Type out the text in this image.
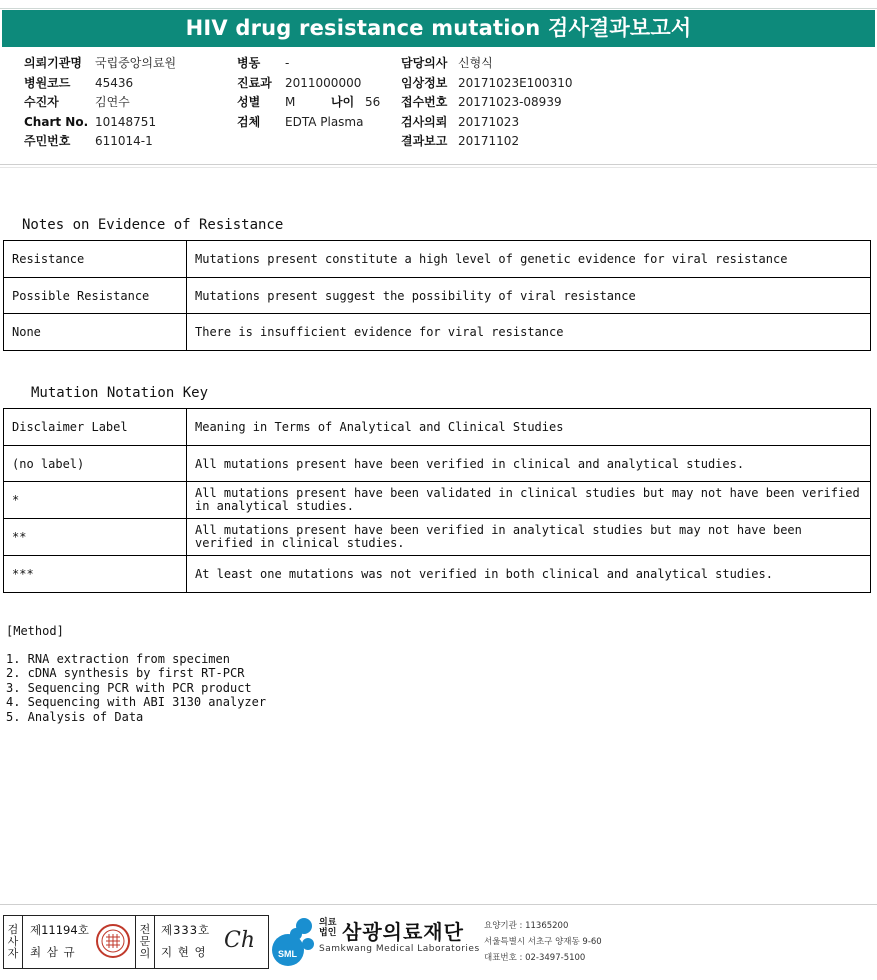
HIV drug resistance mutation 검사결과보고서
의뢰기관명 국립중앙의료원
병원코드 45436
수진자	김연수
Chart No. 10148751
주민번호 611014-1
병동 -
진료과 2011000000
성별 M	나이 56
검체 EDTA Plasma
담당의사 신형식
임상정보 20171023E100310
접수번호 20171023-08939
검사의뢰 20171023
결과보고 20171102
Notes on Evidence of Resistance
Resistance	Mutations present constitute a high level of genetic evidence for viral resistance
Possible Resistance	Mutations present suggest the possibility of viral resistance
None	There is insufficient evidence for viral resistance
Mutation Notation Key
Disclaimer Label	Meaning in Terms of Analytical and Clinical Studies
(no label)	All mutations present have been verified in clinical and analytical studies.
*	All mutations present have been validated in clinical studies but may not have been verified in analytical studies.
**	All mutations present have been verified in analytical studies but may not have been verified in clinical studies.
***	At least one mutations was not verified in both clinical and analytical studies.
[Method]
1. RNA extraction from specimen
2. cDNA synthesis by first RT-PCR
3. Sequencing PCR with PCR product
4. Sequencing with ABI 3130 analyzer
5. Analysis of Data
검사자
제11194호
최 삼 규
전문의
제333호
지 현 영 Ch
SML
의료
법인 삼광의료재단
Samkwang Medical Laboratories
요양기관 : 11365200
서울특별시 서초구 양재동 9-60
대표번호 : 02-3497-5100
